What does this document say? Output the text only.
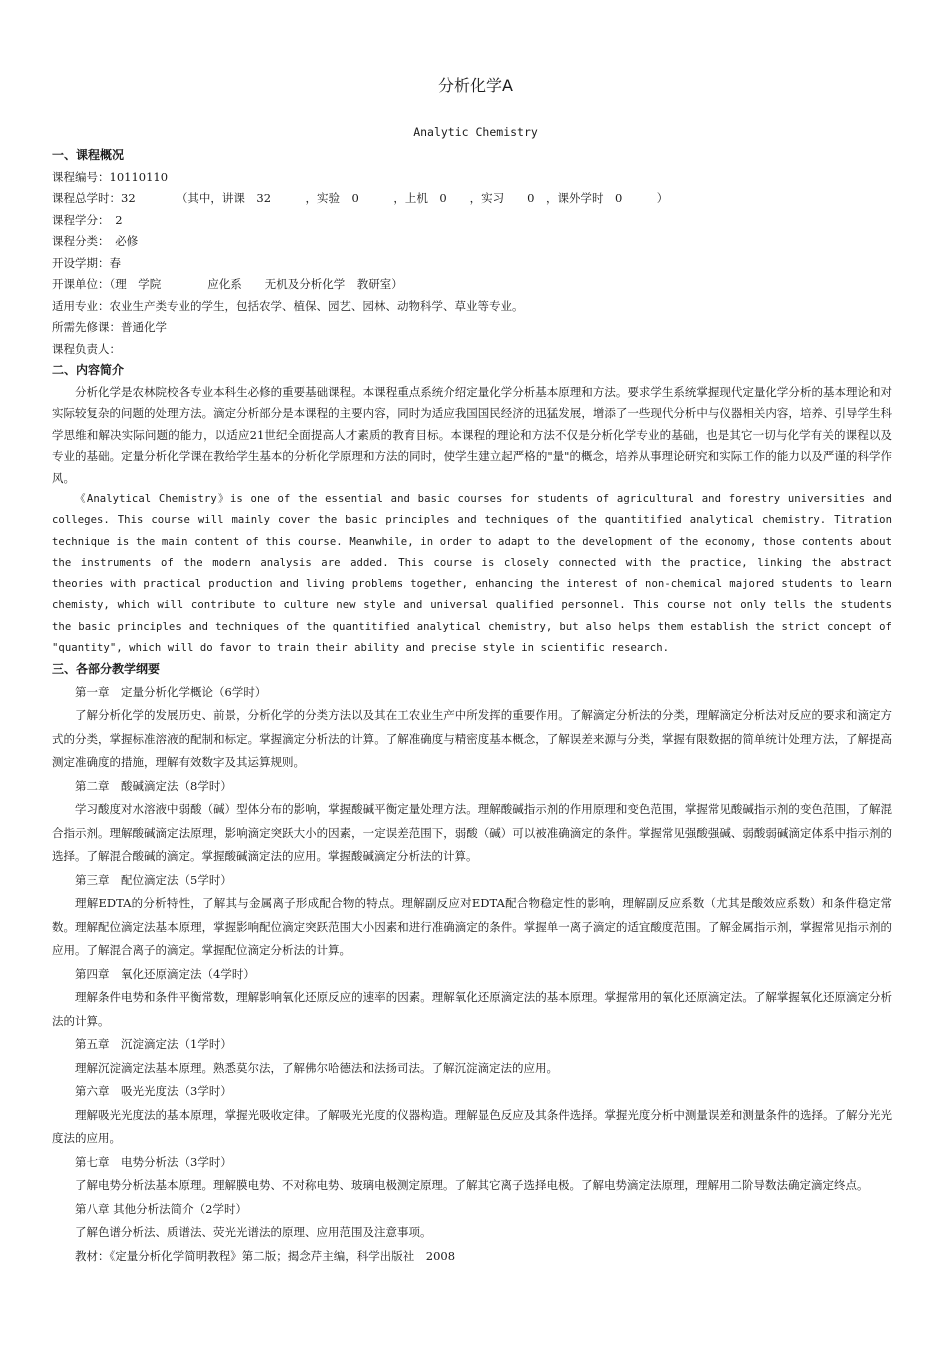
分析化学A
Analytic Chemistry
一、课程概况
课程编号：10110110
课程总学时：32　　　　（其中，讲课　32　　　，实验　0　　　，上机　0　　，实习　　0　，课外学时　0　　　）
课程学分：　2
课程分类：　必修
开设学期：春
开课单位：（理　学院　　　　应化系　　无机及分析化学　教研室）
适用专业：农业生产类专业的学生，包括农学、植保、园艺、园林、动物科学、草业等专业。
所需先修课：普通化学
课程负责人：
二、内容简介

分析化学是农林院校各专业本科生必修的重要基础课程。本课程重点系统介绍定量化学分析基本原理和方法。要求学生系统掌握现代定量化学分析的基本理论和对实际较复杂的问题的处理方法。滴定分析部分是本课程的主要内容，同时为适应我国国民经济的迅猛发展，增添了一些现代分析中与仪器相关内容，培养、引导学生科学思维和解决实际问题的能力，以适应21世纪全面提高人才素质的教育目标。本课程的理论和方法不仅是分析化学专业的基础，也是其它一切与化学有关的课程以及专业的基础。定量分析化学课在教给学生基本的分析化学原理和方法的同时，使学生建立起严格的"量"的概念，培养从事理论研究和实际工作的能力以及严谨的科学作风。

《Analytical Chemistry》is one of the essential and basic courses for students of agricultural and forestry universities and colleges. This course will mainly cover the basic principles and techniques of the quantitified analytical chemistry. Titration technique is the main content of this course. Meanwhile, in order to adapt to the development of the economy, those contents about the instruments of the modern analysis are added. This course is closely connected with the practice, linking the abstract theories with practical production and living problems together, enhancing the interest of non-chemical majored students to learn chemisty, which will contribute to culture new style and universal qualified personnel. This course not only tells the students the basic principles and techniques of the quantitified analytical chemistry, but also helps them establish the strict concept of "quantity", which will do favor to train their ability and precise style in scientific research.

三、各部分教学纲要
第一章　定量分析化学概论（6学时）

了解分析化学的发展历史、前景，分析化学的分类方法以及其在工农业生产中所发挥的重要作用。了解滴定分析法的分类，理解滴定分析法对反应的要求和滴定方式的分类，掌握标准溶液的配制和标定。掌握滴定分析法的计算。了解准确度与精密度基本概念，了解误差来源与分类，掌握有限数据的简单统计处理方法，了解提高测定准确度的措施，理解有效数字及其运算规则。

第二章　酸碱滴定法（8学时）

学习酸度对水溶液中弱酸（碱）型体分布的影响，掌握酸碱平衡定量处理方法。理解酸碱指示剂的作用原理和变色范围，掌握常见酸碱指示剂的变色范围，了解混合指示剂。理解酸碱滴定法原理，影响滴定突跃大小的因素，一定误差范围下，弱酸（碱）可以被准确滴定的条件。掌握常见强酸强碱、弱酸弱碱滴定体系中指示剂的选择。了解混合酸碱的滴定。掌握酸碱滴定法的应用。掌握酸碱滴定分析法的计算。

第三章　配位滴定法（5学时）

理解EDTA的分析特性，了解其与金属离子形成配合物的特点。理解副反应对EDTA配合物稳定性的影响，理解副反应系数（尤其是酸效应系数）和条件稳定常数。理解配位滴定法基本原理，掌握影响配位滴定突跃范围大小因素和进行准确滴定的条件。掌握单一离子滴定的适宜酸度范围。了解金属指示剂，掌握常见指示剂的应用。了解混合离子的滴定。掌握配位滴定分析法的计算。

第四章　氧化还原滴定法（4学时）

理解条件电势和条件平衡常数，理解影响氧化还原反应的速率的因素。理解氧化还原滴定法的基本原理。掌握常用的氧化还原滴定法。了解掌握氧化还原滴定分析法的计算。

第五章　沉淀滴定法（1学时）

理解沉淀滴定法基本原理。熟悉莫尔法，了解佛尔哈德法和法扬司法。了解沉淀滴定法的应用。

第六章　吸光光度法（3学时）

理解吸光光度法的基本原理，掌握光吸收定律。了解吸光光度的仪器构造。理解显色反应及其条件选择。掌握光度分析中测量误差和测量条件的选择。了解分光光度法的应用。

第七章　电势分析法（3学时）

了解电势分析法基本原理。理解膜电势、不对称电势、玻璃电极测定原理。了解其它离子选择电极。了解电势滴定法原理，理解用二阶导数法确定滴定终点。

第八章 其他分析法简介（2学时）

了解色谱分析法、质谱法、荧光光谱法的原理、应用范围及注意事项。

教材：《定量分析化学简明教程》第二版；揭念芹主编，科学出版社　2008
